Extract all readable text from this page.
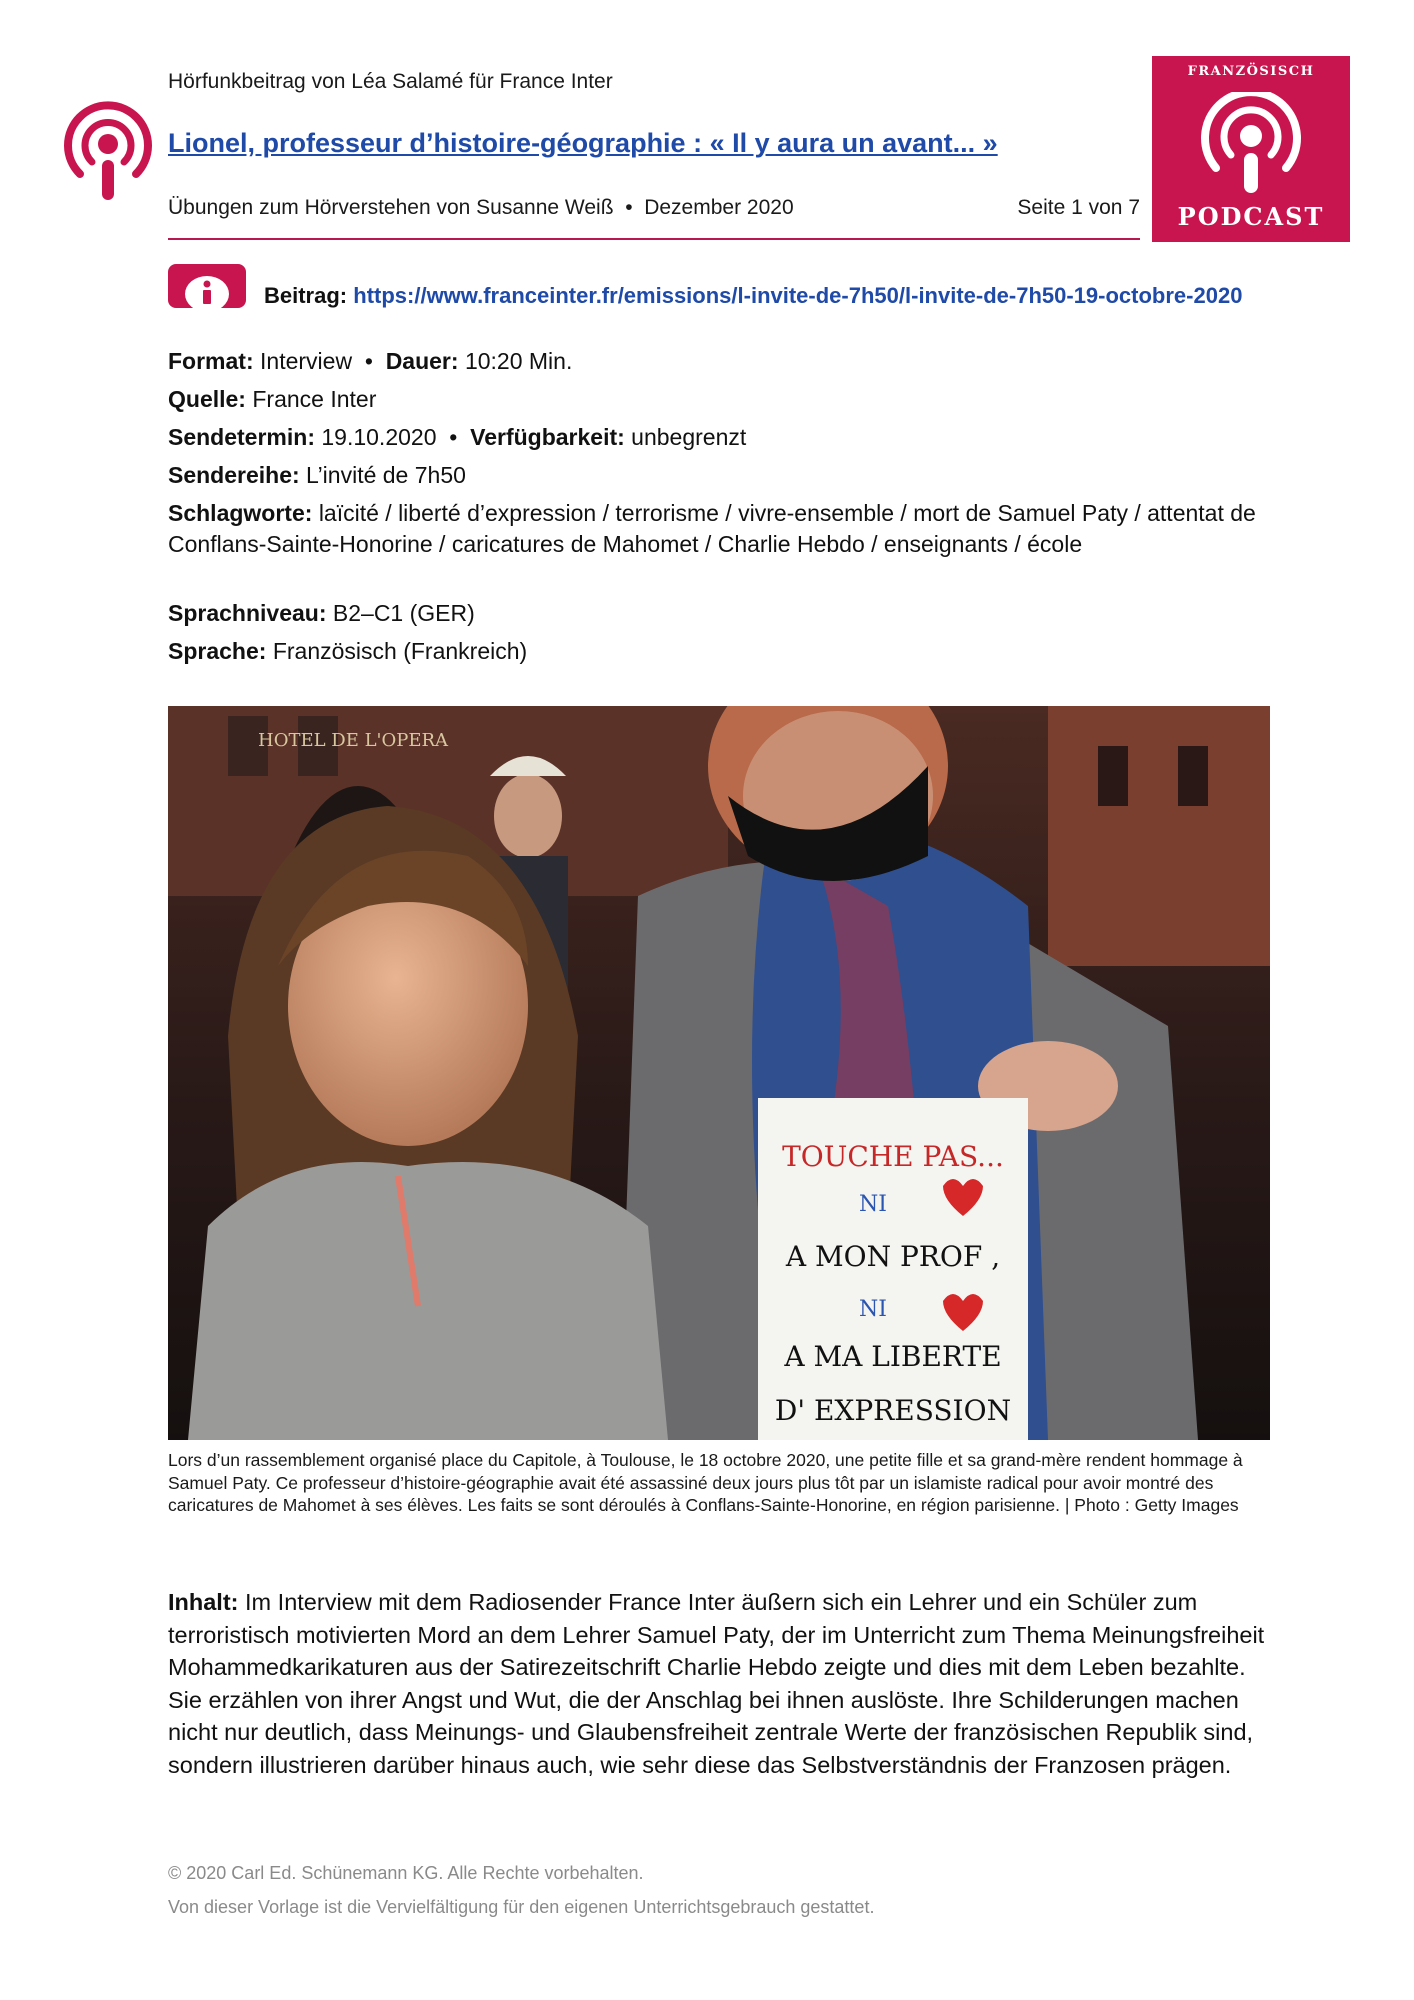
Hörfunkbeitrag von Léa Salamé für France Inter
Lionel, professeur d’histoire-géographie : « Il y aura un avant... »
Übungen zum Hörverstehen von Susanne Weiß  •  Dezember 2020	Seite 1 von 7
FRANZÖSISCH
PODCAST
Beitrag: https://www.franceinter.fr/emissions/l-invite-de-7h50/l-invite-de-7h50-19-octobre-2020
Format: Interview • Dauer: 10:20 Min.
Quelle: France Inter
Sendetermin: 19.10.2020 • Verfügbarkeit: unbegrenzt
Sendereihe: L’invité de 7h50
Schlagworte: laïcité / liberté d’expression / terrorisme / vivre-ensemble / mort de Samuel Paty / attentat de Conflans-Sainte-Honorine / caricatures de Mahomet / Charlie Hebdo / enseignants / école
Sprachniveau: B2–C1 (GER)
Sprache: Französisch (Frankreich)
HOTEL DE L'OPERA
TOUCHE PAS...
NI
A MON PROF ,
NI
A MA LIBERTE
D' EXPRESSION
Lors d’un rassemblement organisé place du Capitole, à Toulouse, le 18 octobre 2020, une petite fille et sa grand-mère rendent hommage à Samuel Paty. Ce professeur d’histoire-géographie avait été assassiné deux jours plus tôt par un islamiste radical pour avoir montré des caricatures de Mahomet à ses élèves. Les faits se sont déroulés à Conflans-Sainte-Honorine, en région parisienne. | Photo : Getty Images
Inhalt: Im Interview mit dem Radiosender France Inter äußern sich ein Lehrer und ein Schüler zum terroristisch motivierten Mord an dem Lehrer Samuel Paty, der im Unterricht zum Thema Meinungsfreiheit Mohammedkarikaturen aus der Satirezeitschrift Charlie Hebdo zeigte und dies mit dem Leben bezahlte. Sie erzählen von ihrer Angst und Wut, die der Anschlag bei ihnen auslöste. Ihre Schilderungen machen nicht nur deutlich, dass Meinungs- und Glaubensfreiheit zentrale Werte der französischen Republik sind, sondern illustrieren darüber hinaus auch, wie sehr diese das Selbstverständnis der Franzosen prägen.
© 2020 Carl Ed. Schünemann KG. Alle Rechte vorbehalten.
Von dieser Vorlage ist die Vervielfältigung für den eigenen Unterrichtsgebrauch gestattet.
